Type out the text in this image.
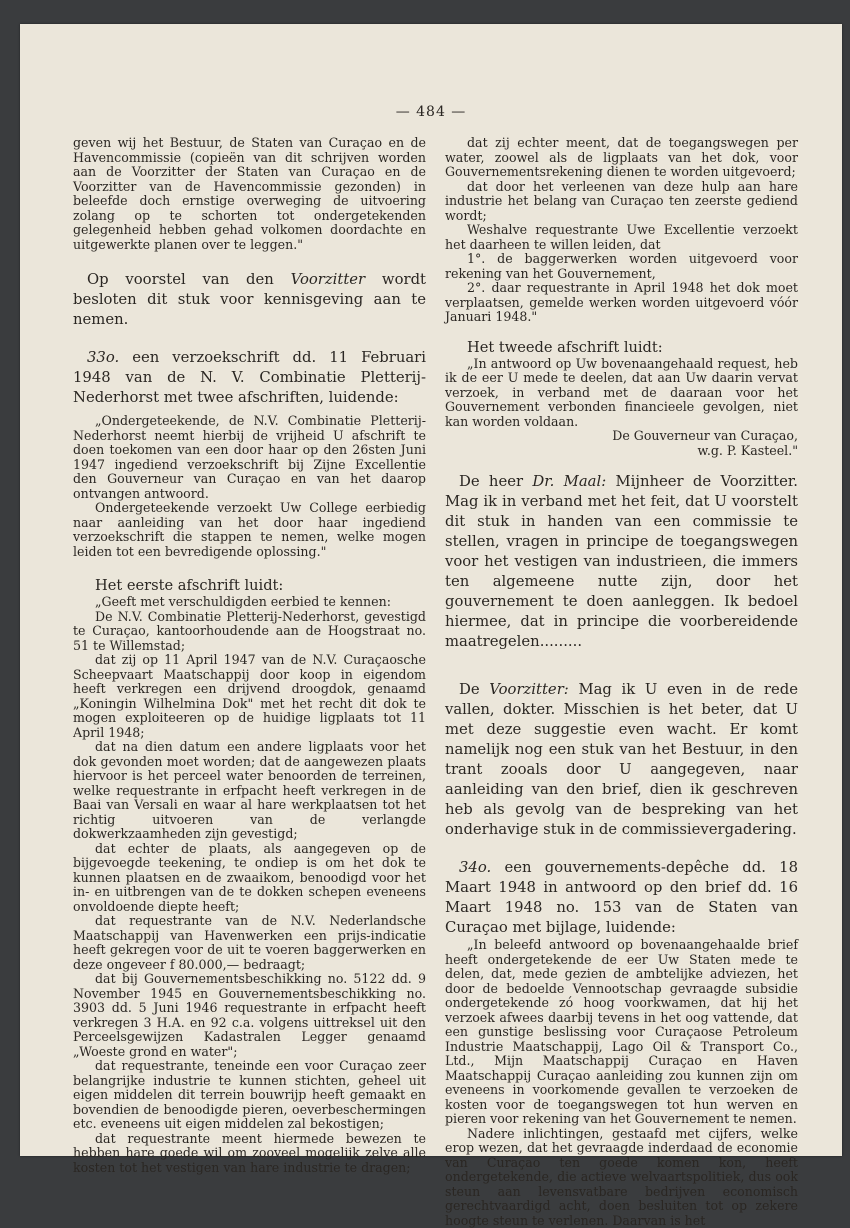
— 484 —

geven wij het Bestuur, de Staten van Curaçao en de Havencommissie (copieën van dit schrijven worden aan de Voorzitter der Staten van Curaçao en de Voorzitter van de Havencommissie gezonden) in beleefde doch ernstige overweging de uitvoering zolang op te schorten tot ondergetekenden gelegenheid hebben gehad volkomen doordachte en uitgewerkte planen over te leggen."

Op voorstel van den Voorzitter wordt besloten dit stuk voor kennisgeving aan te nemen.

33o. een verzoekschrift dd. 11 Februari 1948 van de N. V. Combinatie Pletterij-Nederhorst met twee afschriften, luidende:

„Ondergeteekende, de N.V. Combinatie Pletterij-Nederhorst neemt hierbij de vrijheid U afschrift te doen toekomen van een door haar op den 26sten Juni 1947 ingediend verzoekschrift bij Zijne Excellentie den Gouverneur van Curaçao en van het daarop ontvangen antwoord.

Ondergeteekende verzoekt Uw College eerbiedig naar aanleiding van het door haar ingediend verzoekschrift die stappen te nemen, welke mogen leiden tot een bevredigende oplossing."

Het eerste afschrift luidt:

„Geeft met verschuldigden eerbied te kennen:

De N.V. Combinatie Pletterij-Nederhorst, gevestigd te Curaçao, kantoorhoudende aan de Hoogstraat no. 51 te Willemstad;

dat zij op 11 April 1947 van de N.V. Curaçaosche Scheepvaart Maatschappij door koop in eigendom heeft verkregen een drijvend droogdok, genaamd „Koningin Wilhelmina Dok" met het recht dit dok te mogen exploiteeren op de huidige ligplaats tot 11 April 1948;

dat na dien datum een andere ligplaats voor het dok gevonden moet worden; dat de aangewezen plaats hiervoor is het perceel water benoorden de terreinen, welke requestrante in erfpacht heeft verkregen in de Baai van Versali en waar al hare werkplaatsen tot het richtig uitvoeren van de verlangde dokwerkzaamheden zijn gevestigd;

dat echter de plaats, als aangegeven op de bijgevoegde teekening, te ondiep is om het dok te kunnen plaatsen en de zwaaikom, benoodigd voor het in- en uitbrengen van de te dokken schepen eveneens onvoldoende diepte heeft;

dat requestrante van de N.V. Nederlandsche Maatschappij van Havenwerken een prijs-indicatie heeft gekregen voor de uit te voeren baggerwerken en deze ongeveer f 80.000,— bedraagt;

dat bij Gouvernementsbeschikking no. 5122 dd. 9 November 1945 en Gouvernementsbeschikking no. 3903 dd. 5 Juni 1946 requestrante in erfpacht heeft verkregen 3 H.A. en 92 c.a. volgens uittreksel uit den Perceelsgewijzen Kadastralen Legger genaamd „Woeste grond en water";

dat requestrante, teneinde een voor Curaçao zeer belangrijke industrie te kunnen stichten, geheel uit eigen middelen dit terrein bouwrijp heeft gemaakt en bovendien de benoodigde pieren, oeverbeschermingen etc. eveneens uit eigen middelen zal bekostigen;

dat requestrante meent hiermede bewezen te hebben hare goede wil om zooveel mogelijk zelve alle kosten tot het vestigen van hare industrie te dragen;

dat zij echter meent, dat de toegangswegen per water, zoowel als de ligplaats van het dok, voor Gouvernementsrekening dienen te worden uitgevoerd;

dat door het verleenen van deze hulp aan hare industrie het belang van Curaçao ten zeerste gediend wordt;

Weshalve requestrante Uwe Excellentie verzoekt het daarheen te willen leiden, dat

1°. de baggerwerken worden uitgevoerd voor rekening van het Gouvernement,

2°. daar requestrante in April 1948 het dok moet verplaatsen, gemelde werken worden uitgevoerd vóór Januari 1948."

Het tweede afschrift luidt:

„In antwoord op Uw bovenaangehaald request, heb ik de eer U mede te deelen, dat aan Uw daarin vervat verzoek, in verband met de daaraan voor het Gouvernement verbonden financieele gevolgen, niet kan worden voldaan.

De Gouverneur van Curaçao,

w.g. P. Kasteel."

De heer Dr. Maal: Mijnheer de Voorzitter. Mag ik in verband met het feit, dat U voorstelt dit stuk in handen van een commissie te stellen, vragen in principe de toegangswegen voor het vestigen van industrieen, die immers ten algemeene nutte zijn, door het gouvernement te doen aanleggen. Ik bedoel hiermee, dat in principe die voorbereidende maatregelen.........

De Voorzitter: Mag ik U even in de rede vallen, dokter. Misschien is het beter, dat U met deze suggestie even wacht. Er komt namelijk nog een stuk van het Bestuur, in den trant zooals door U aangegeven, naar aanleiding van den brief, dien ik geschreven heb als gevolg van de bespreking van het onderhavige stuk in de commissievergadering.

34o. een gouvernements-depêche dd. 18 Maart 1948 in antwoord op den brief dd. 16 Maart 1948 no. 153 van de Staten van Curaçao met bijlage, luidende:

„In beleefd antwoord op bovenaangehaalde brief heeft ondergetekende de eer Uw Staten mede te delen, dat, mede gezien de ambtelijke adviezen, het door de bedoelde Vennootschap gevraagde subsidie ondergetekende zó hoog voorkwamen, dat hij het verzoek afwees daarbij tevens in het oog vattende, dat een gunstige beslissing voor Curaçaose Petroleum Industrie Maatschappij, Lago Oil & Transport Co., Ltd., Mijn Maatschappij Curaçao en Haven Maatschappij Curaçao aanleiding zou kunnen zijn om eveneens in voorkomende gevallen te verzoeken de kosten voor de toegangswegen tot hun werven en pieren voor rekening van het Gouvernement te nemen.

Nadere inlichtingen, gestaafd met cijfers, welke erop wezen, dat het gevraagde inderdaad de economie van Curaçao ten goede komen kon, heeft ondergetekende, die actieve welvaartspolitiek, dus ook steun aan levensvatbare bedrijven economisch gerechtvaardigd acht, doen besluiten tot op zekere hoogte steun te verlenen. Daarvan is het
